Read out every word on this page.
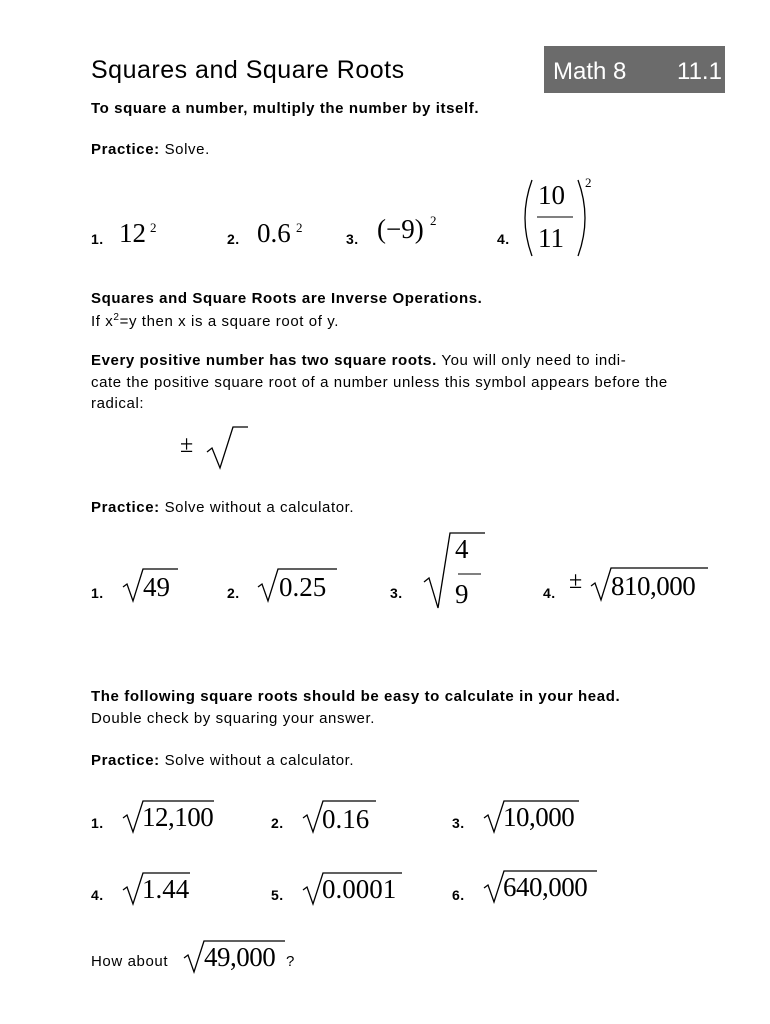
Squares and Square Roots	Math 8 11.1
To square a number, multiply the number by itself.
Practice: Solve.
1. 12 2
2. 0.6 2
3. (−9) 2
4.
10
11
2
Squares and Square Roots are Inverse Operations.
If $x^2=y$ then x is a square root of y.
Every positive number has two square roots. You will only need to indi-
cate the positive square root of a number unless this symbol appears before the
radical:
±
Practice: Solve without a calculator.
1. 49	2. 0.25	3.
4
9	4. ± 810,000
The following square roots should be easy to calculate in your head.
Double check by squaring your answer.
Practice: Solve without a calculator.
1. 12,100	2. 0.16	3. 10,000
4. 1.44	5. 0.0001	6. 640,000
How about 49,000 ?
